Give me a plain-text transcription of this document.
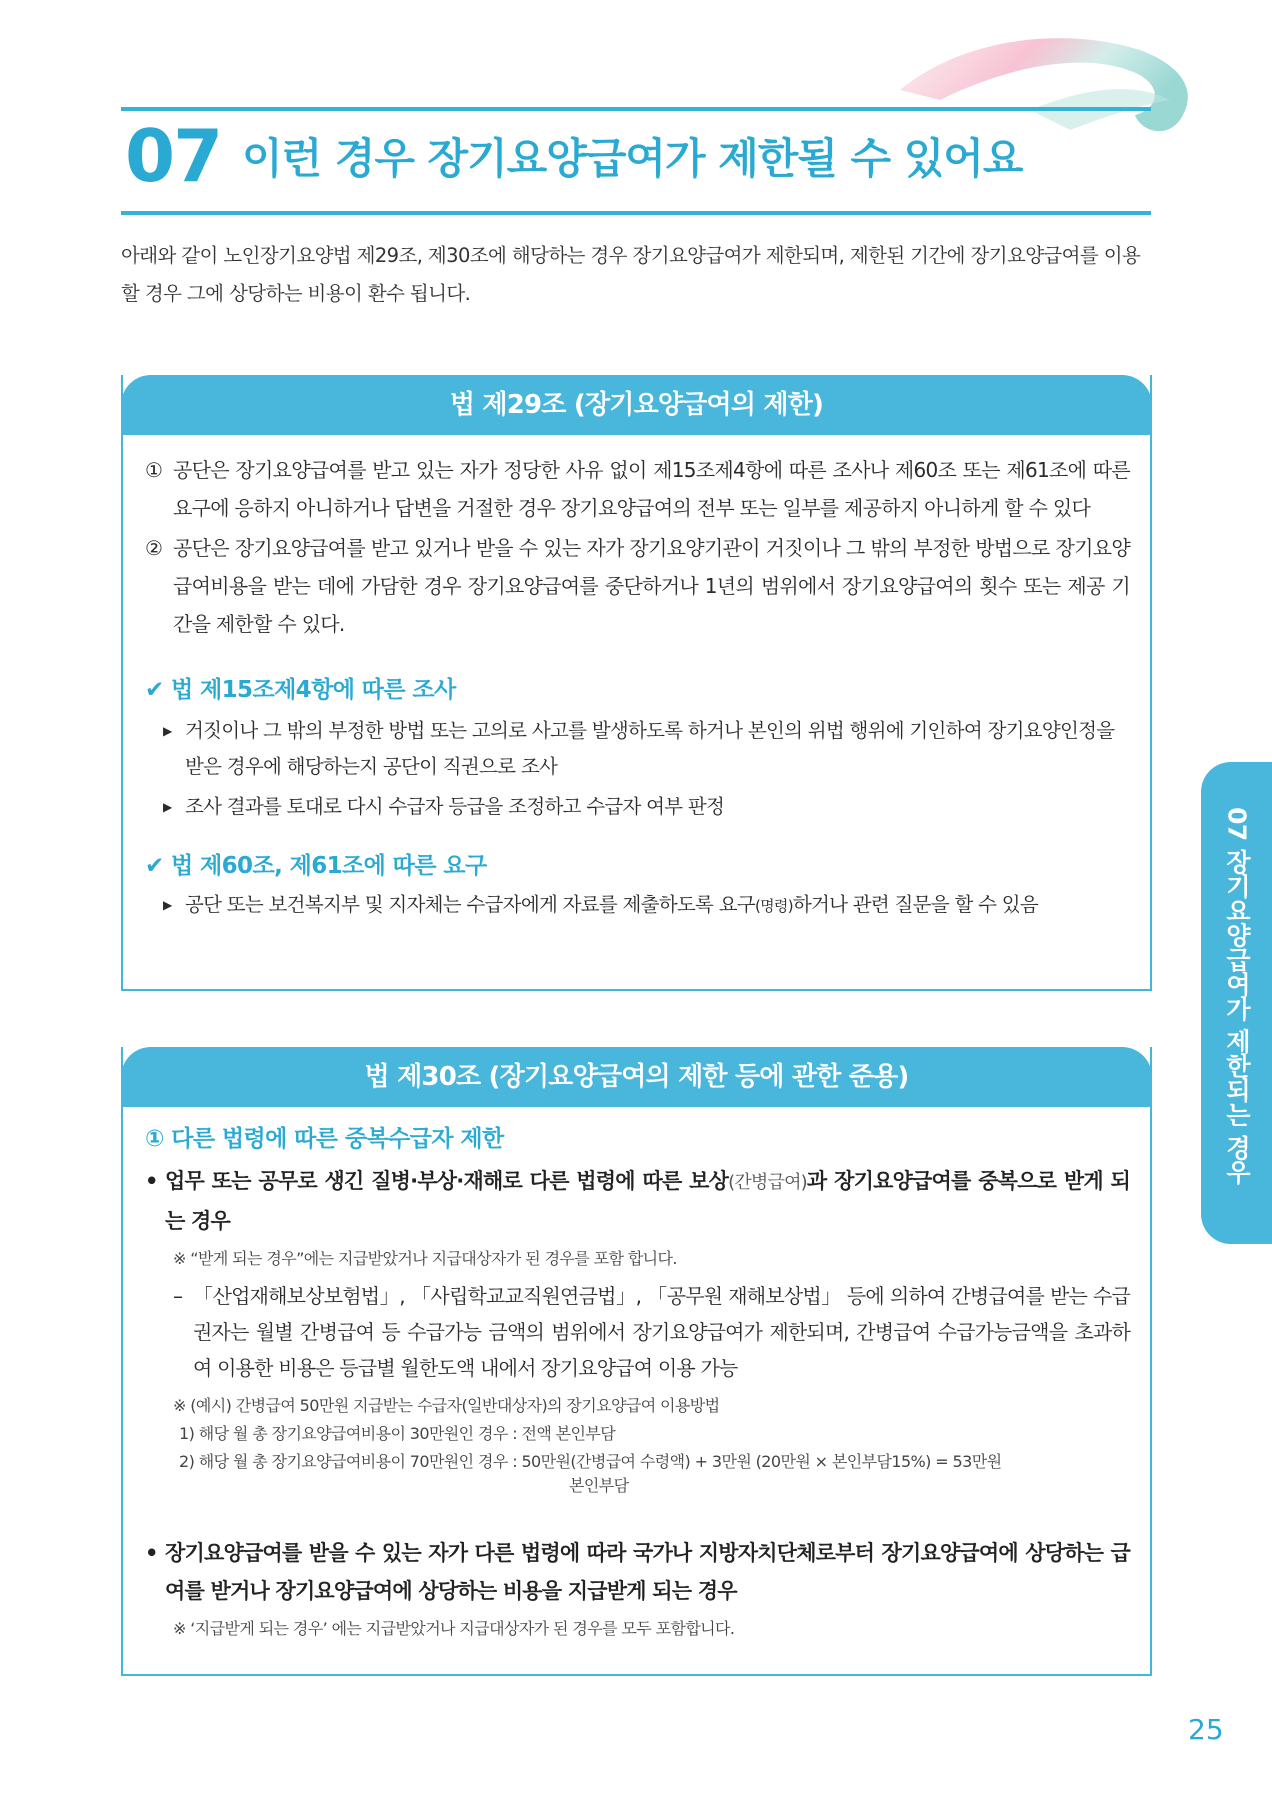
07 이런 경우 장기요양급여가 제한될 수 있어요
아래와 같이 노인장기요양법 제29조, 제30조에 해당하는 경우 장기요양급여가 제한되며, 제한된 기간에 장기요양급여를 이용할 경우 그에 상당하는 비용이 환수 됩니다.
법 제29조 (장기요양급여의 제한)
① 공단은 장기요양급여를 받고 있는 자가 정당한 사유 없이 제15조제4항에 따른 조사나 제60조 또는 제61조에 따른 요구에 응하지 아니하거나 답변을 거절한 경우 장기요양급여의 전부 또는 일부를 제공하지 아니하게 할 수 있다
② 공단은 장기요양급여를 받고 있거나 받을 수 있는 자가 장기요양기관이 거짓이나 그 밖의 부정한 방법으로 장기요양급여비용을 받는 데에 가담한 경우 장기요양급여를 중단하거나 1년의 범위에서 장기요양급여의 횟수 또는 제공 기간을 제한할 수 있다.
✔ 법 제15조제4항에 따른 조사
▶ 거짓이나 그 밖의 부정한 방법 또는 고의로 사고를 발생하도록 하거나 본인의 위법 행위에 기인하여 장기요양인정을 받은 경우에 해당하는지 공단이 직권으로 조사
▶ 조사 결과를 토대로 다시 수급자 등급을 조정하고 수급자 여부 판정
✔ 법 제60조, 제61조에 따른 요구
▶ 공단 또는 보건복지부 및 지자체는 수급자에게 자료를 제출하도록 요구(명령)하거나 관련 질문을 할 수 있음
법 제30조 (장기요양급여의 제한 등에 관한 준용)
① 다른 법령에 따른 중복수급자 제한
• 업무 또는 공무로 생긴 질병·부상·재해로 다른 법령에 따른 보상(간병급여)과 장기요양급여를 중복으로 받게 되는 경우
※ “받게 되는 경우”에는 지급받았거나 지급대상자가 된 경우를 포함 합니다.
– 「산업재해보상보험법」, 「사립학교교직원연금법」, 「공무원 재해보상법」 등에 의하여 간병급여를 받는 수급권자는 월별 간병급여 등 수급가능 금액의 범위에서 장기요양급여가 제한되며, 간병급여 수급가능금액을 초과하여 이용한 비용은 등급별 월한도액 내에서 장기요양급여 이용 가능
※ (예시) 간병급여 50만원 지급받는 수급자(일반대상자)의 장기요양급여 이용방법
1) 해당 월 총 장기요양급여비용이 30만원인 경우 : 전액 본인부담
2) 해당 월 총 장기요양급여비용이 70만원인 경우 : 50만원(간병급여 수령액) + 3만원 (20만원 × 본인부담15%) = 53만원
본인부담
• 장기요양급여를 받을 수 있는 자가 다른 법령에 따라 국가나 지방자치단체로부터 장기요양급여에 상당하는 급여를 받거나 장기요양급여에 상당하는 비용을 지급받게 되는 경우
※ ‘지급받게 되는 경우’ 에는 지급받았거나 지급대상자가 된 경우를 모두 포함합니다.
07 장기요양급여가 제한되는 경우
25
